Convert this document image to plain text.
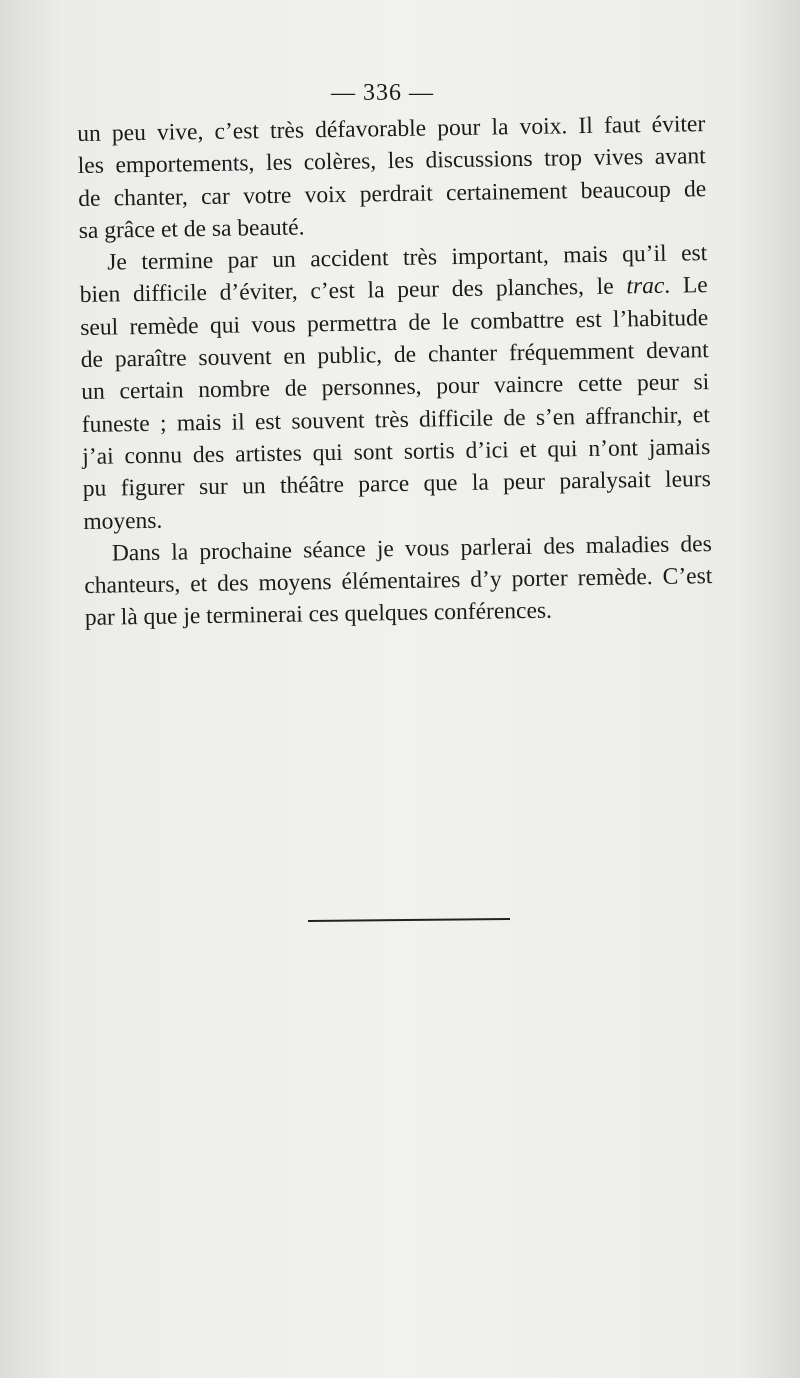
— 336 —

un peu vive, c’est très défavorable pour la voix. Il faut éviter
les emportements, les colères, les discussions trop vives avant
de chanter, car votre voix perdrait certainement beaucoup de
sa grâce et de sa beauté.

Je termine par un accident très important, mais qu’il est

bien difficile d’éviter, c’est la peur des planches, le trac. Le
seul remède qui vous permettra de le combattre est l’habitude
de paraître souvent en public, de chanter fréquemment devant
un certain nombre de personnes, pour vaincre cette peur si
funeste ; mais il est souvent très difficile de s’en affranchir, et
j’ai connu des artistes qui sont sortis d’ici et qui n’ont jamais
pu figurer sur un théâtre parce que la peur paralysait leurs
moyens.

Dans la prochaine séance je vous parlerai des maladies des

chanteurs, et des moyens élémentaires d’y porter remède. C’est
par là que je terminerai ces quelques conférences.
